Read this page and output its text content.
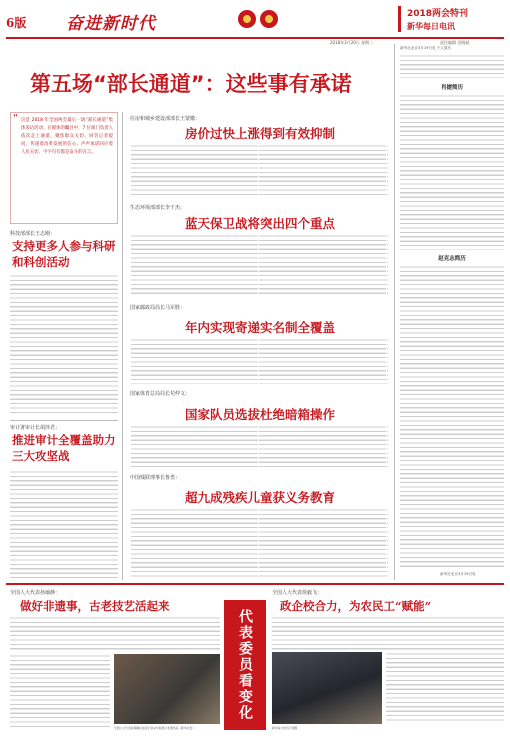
6版 奋进新时代	2018两会特刊
新华每日电讯
2018年3月20日 星期二	责任编辑 吴晓斌
第五场“部长通道”：这些事有承诺
“ 这是 2018 年全国两会最后一场“部长通道”集体采访活动。在媒体的瞩目中，7 位部门负责人依次走上通道，聚焦群众关切、回答记者提问，传递着改革发展的信心。声声承诺回应着人民关切，字字句句都是奋斗的宣言。
科技部部长王志刚：
支持更多人参与科研和科创活动
审计署审计长胡泽君：
推进审计全覆盖助力三大攻坚战
住房和城乡建设部部长王蒙徽：
房价过快上涨得到有效抑制
生态环境部部长李干杰：
蓝天保卫战将突出四个重点
国家邮政局局长马军胜：
年内实现寄递实名制全覆盖
国家体育总局局长苟仲文：
国家队员选拔杜绝暗箱操作
中国残联理事长鲁勇：
超九成残疾儿童获义务教育
新华社北京3月19日电 个人简历
肖捷简历
赵克志简历
新华社北京3月19日电
全国人大代表孙瑜静：
做好非遗事，古老技艺活起来
全国人大代表孙瑜静在接受记者采访时展示非遗作品（新华社发）
代表委员看变化
全国人大代表徐毅飞：
政企校合力，为农民工“赋能”
新华每日电讯记者摄
